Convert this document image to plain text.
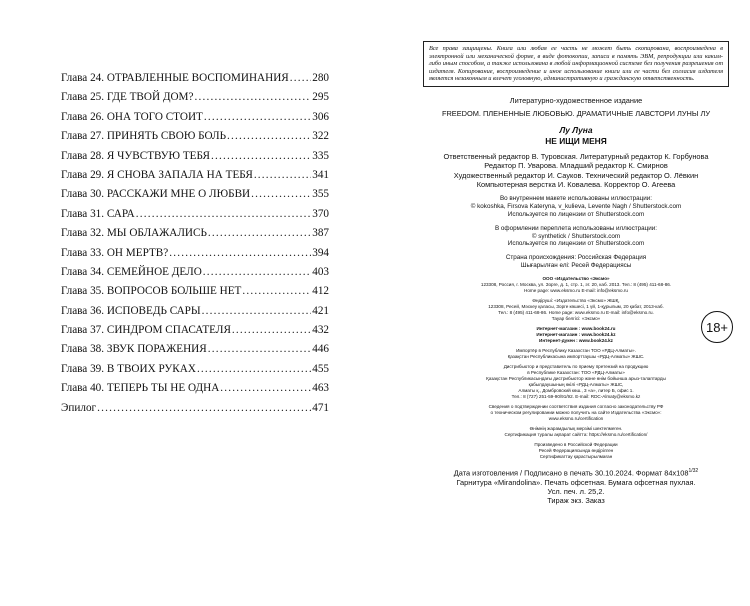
Глава 24. ОТРАВЛЕННЫЕ ВОСПОМИНАНИЯ ..... 280
Глава 25. ГДЕ ТВОЙ ДОМ? .....	295
Глава 26. ОНА ТОГО СТОИТ .....	306
Глава 27. ПРИНЯТЬ СВОЮ БОЛЬ .....	322
Глава 28. Я ЧУВСТВУЮ ТЕБЯ .....	335
Глава 29. Я СНОВА ЗАПАЛА НА ТЕБЯ .....	341
Глава 30. РАССКАЖИ МНЕ О ЛЮБВИ .....	355
Глава 31. САРА .....	370
Глава 32. МЫ ОБЛАЖАЛИСЬ .....	387
Глава 33. ОН МЕРТВ? .....	394
Глава 34. СЕМЕЙНОЕ ДЕЛО .....	403
Глава 35. ВОПРОСОВ БОЛЬШЕ НЕТ .....	412
Глава 36. ИСПОВЕДЬ САРЫ .....	421
Глава 37. СИНДРОМ СПАСАТЕЛЯ .....	432
Глава 38. ЗВУК ПОРАЖЕНИЯ .....	446
Глава 39. В ТВОИХ РУКАХ .....	455
Глава 40. ТЕПЕРЬ ТЫ НЕ ОДНА .....	463
Эпилог .....	471
Все права защищены. Книга или любая ее часть не может быть скопирована, воспроизведена в электронной или механической форме, в виде фотокопии, записи в память ЭВМ, репродукции или каким-либо иным способом, а также использована в любой информационной системе без получения разрешения от издателя. Копирование, воспроизведение и иное использование книги или ее части без согласия издателя является незаконным и влечет уголовную, административную и гражданскую ответственность.
Литературно-художественное издание
FREEDOM. ПЛЕНЕННЫЕ ЛЮБОВЬЮ. ДРАМАТИЧНЫЕ ЛАВСТОРИ ЛУНЫ ЛУ
Лу Луна
НЕ ИЩИ МЕНЯ
Ответственный редактор В. Туровская. Литературный редактор К. Горбунова
Редактор П. Уварова. Младший редактор К. Смирнов
Художественный редактор И. Сауков. Технический редактор О. Лёвкин
Компьютерная верстка И. Ковалева. Корректор О. Агеева
Во внутреннем макете использованы иллюстрации:
© kokoshka, Firsova Kateryna, v_kulieva, Levente Nagh / Shutterstock.com
Используется по лицензии от Shutterstock.com
В оформлении переплета использованы иллюстрации:
© synthetick / Shutterstock.com
Используется по лицензии от Shutterstock.com
Страна происхождения: Российская Федерация
Шығарылған елі: Ресей Федерациясы
ООО «Издательство «Эксмо»
123308, Россия, г. Москва, ул. Зорге, д. 1, стр. 1, эт. 20, каб. 2013. Тел.: 8 (495) 411-68-86.
Home page: www.eksmo.ru E-mail: info@eksmo.ru
Өндіруші: «Издательство «Эксмо» ЖШҚ,
123308, Ресей, Мәскеу қаласы, Зорге көшесі, 1 үй, 1-құрылым, 20 қабат, 2013-каб.
Тел.: 8 (495) 411-68-86. Home page: www.eksmo.ru E-mail: info@eksmo.ru.
Тауар белгісі: «Эксмо»
Интернет-магазин : www.book24.ru
Интернет-магазин : www.book24.kz
Интернет-дүкен : www.book24.kz
Импортёр в Республику Казахстан ТОО «РДЦ-Алматы».
Қазақстан Республикасына импорттаушы «РДЦ-Алматы» ЖШС.
Дистрибьютор и представитель по приему претензий на продукцию
в Республике Казахстан: ТОО «РДЦ-Алматы»
Қазақстан Республикасындағы дистрибьютор және өнім бойынша арыз-талаптарды
қабылдаушының өкілі «РДЦ-Алматы» ЖШС,
Алматы қ., Домбровский көш., 3 «а», литер Б, офис 1.
Тел.: 8 (727) 251-59-90/91/92. E-mail: RDC-Almaty@eksmo.kz
Сведения о подтверждении соответствия издания согласно законодательству РФ
о техническом регулировании можно получить на сайте Издательства «Эксмо»:
www.eksmo.ru/certification
Өнімнің жарамдылық мерзімі шектелмеген.
Сертификация туралы ақпарат сайтта: https://eksmo.ru/certification/
Произведено в Российской Федерации
Ресей Федерациясында өндірілген
Сертификаттау қарастырылмаған
Дата изготовления / Подписано в печать 30.10.2024. Формат $84x108^{1/32}$
Гарнитура «Mirandolina». Печать офсетная. Бумага офсетная пухлая.
Усл. печ. л. 25,2.
Тираж экз. Заказ
18+
